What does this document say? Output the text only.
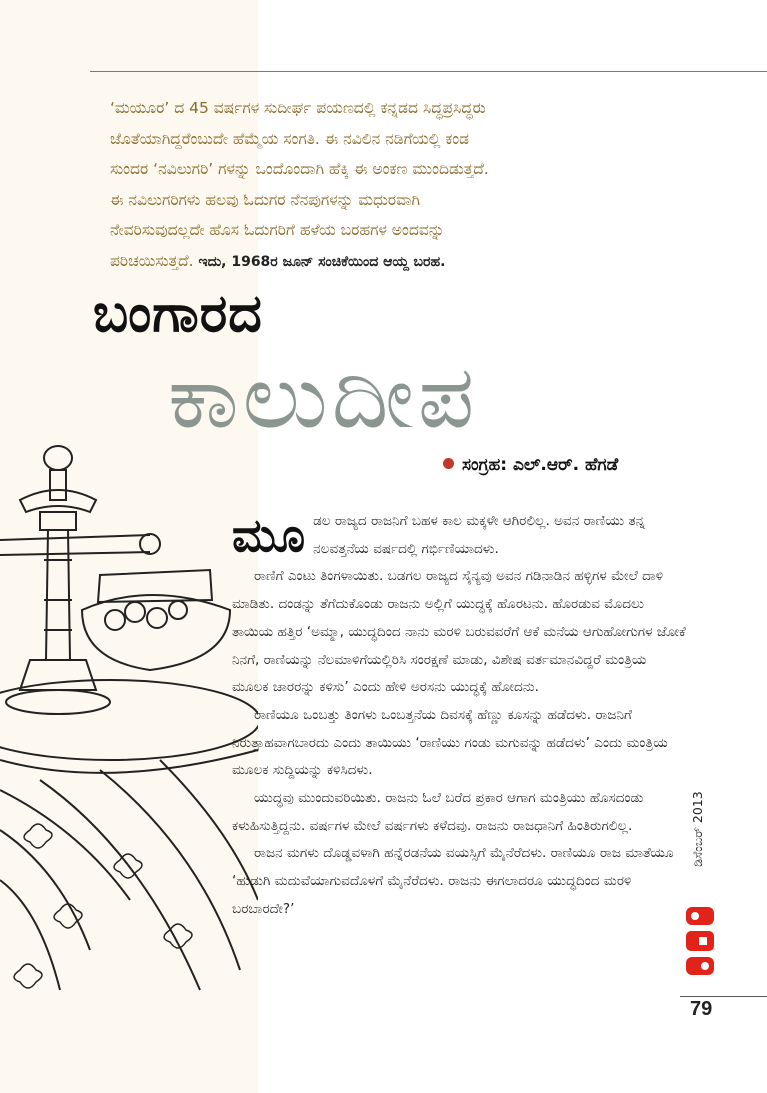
‘ಮಯೂರ’ ದ 45 ವರ್ಷಗಳ ಸುದೀರ್ಘ ಪಯಣದಲ್ಲಿ ಕನ್ನಡದ ಸಿದ್ಧಪ್ರಸಿದ್ಧರು
ಜೊತೆಯಾಗಿದ್ದರೆಂಬುದೇ ಹೆಮ್ಮೆಯ ಸಂಗತಿ. ಈ ನವಿಲಿನ ನಡಿಗೆಯಲ್ಲಿ ಕಂಡ
ಸುಂದರ ‘ನವಿಲುಗರಿ’ ಗಳನ್ನು ಒಂದೊಂದಾಗಿ ಹೆಕ್ಕಿ ಈ ಅಂಕಣ ಮುಂದಿಡುತ್ತದೆ.
ಈ ನವಿಲುಗರಿಗಳು ಹಲವು ಓದುಗರ ನೆನಪುಗಳನ್ನು ಮಧುರವಾಗಿ
ನೇವರಿಸುವುದಲ್ಲದೇ ಹೊಸ ಓದುಗರಿಗೆ ಹಳೆಯ ಬರಹಗಳ ಅಂದವನ್ನು
ಪರಿಚಯಿಸುತ್ತದೆ. ಇದು, 1968ರ ಜೂನ್ ಸಂಚಿಕೆಯಿಂದ ಆಯ್ದ ಬರಹ.
ಬಂಗಾರದ
ಕಾಲುದೀಪ
ಸಂಗ್ರಹ: ಎಲ್.ಆರ್. ಹೆಗಡೆ

ಮೂಡಲ ರಾಜ್ಯದ ರಾಜನಿಗೆ ಬಹಳ ಕಾಲ ಮಕ್ಕಳೇ ಆಗಿರಲಿಲ್ಲ. ಅವನ ರಾಣಿಯು ತನ್ನ ನಲವತ್ತನೆಯ ವರ್ಷದಲ್ಲಿ ಗರ್ಭಿಣಿಯಾದಳು.

ರಾಣಿಗೆ ಎಂಟು ತಿಂಗಳಾಯಿತು. ಬಡಗಲ ರಾಜ್ಯದ ಸೈನ್ಯವು ಅವನ ಗಡಿನಾಡಿನ ಹಳ್ಳಿಗಳ ಮೇಲೆ ದಾಳಿ ಮಾಡಿತು. ದಂಡನ್ನು ತೆಗೆದುಕೊಂಡು ರಾಜನು ಅಲ್ಲಿಗೆ ಯುದ್ಧಕ್ಕೆ ಹೊರಟನು. ಹೊರಡುವ ಮೊದಲು ತಾಯಿಯ ಹತ್ತಿರ ‘ಅಮ್ಮಾ, ಯುದ್ಧದಿಂದ ನಾನು ಮರಳಿ ಬರುವವರೆಗೆ ಆಕೆ ಮನೆಯ ಆಗುಹೋಗುಗಳ ಜೋಕೆ ನಿನಗೆ, ರಾಣಿಯನ್ನು ನೆಲಮಾಳಿಗೆಯಲ್ಲಿರಿಸಿ ಸಂರಕ್ಷಣೆ ಮಾಡು, ವಿಶೇಷ ವರ್ತಮಾನವಿದ್ದರೆ ಮಂತ್ರಿಯ ಮೂಲಕ ಚಾರರನ್ನು ಕಳಿಸು’ ಎಂದು ಹೇಳಿ ಅರಸನು ಯುದ್ಧಕ್ಕೆ ಹೋದನು.

ರಾಣಿಯೂ ಒಂಬತ್ತು ತಿಂಗಳು ಒಂಬತ್ತನೆಯ ದಿವಸಕ್ಕೆ ಹೆಣ್ಣು ಕೂಸನ್ನು ಹಡೆದಳು. ರಾಜನಿಗೆ ನಿರುತ್ಸಾಹವಾಗಬಾರದು ಎಂದು ತಾಯಿಯು ‘ರಾಣಿಯು ಗಂಡು ಮಗುವನ್ನು ಹಡೆದಳು’ ಎಂದು ಮಂತ್ರಿಯ ಮೂಲಕ ಸುದ್ದಿಯನ್ನು ಕಳಿಸಿದಳು.

ಯುದ್ಧವು ಮುಂದುವರಿಯಿತು. ರಾಜನು ಓಲೆ ಬರೆದ ಪ್ರಕಾರ ಆಗಾಗ ಮಂತ್ರಿಯು ಹೊಸದಂಡು ಕಳುಹಿಸುತ್ತಿದ್ದನು. ವರ್ಷಗಳ ಮೇಲೆ ವರ್ಷಗಳು ಕಳೆದವು. ರಾಜನು ರಾಜಧಾನಿಗೆ ಹಿಂತಿರುಗಲಿಲ್ಲ.

ರಾಜನ ಮಗಳು ದೊಡ್ಡವಳಾಗಿ ಹನ್ನೆರಡನೆಯ ವಯಸ್ಸಿಗೆ ಮೈನೆರೆದಳು. ರಾಣಿಯೂ ರಾಜ ಮಾತೆಯೂ ‘ಹುಡುಗಿ ಮದುವೆಯಾಗುವದೊಳಗೆ ಮೈನೆರೆದಳು. ರಾಜನು ಈಗಲಾದರೂ ಯುದ್ಧದಿಂದ ಮರಳಿ ಬರಬಾರದೇ?’

ಡಿಸೆಂಬರ್ 2013
79
